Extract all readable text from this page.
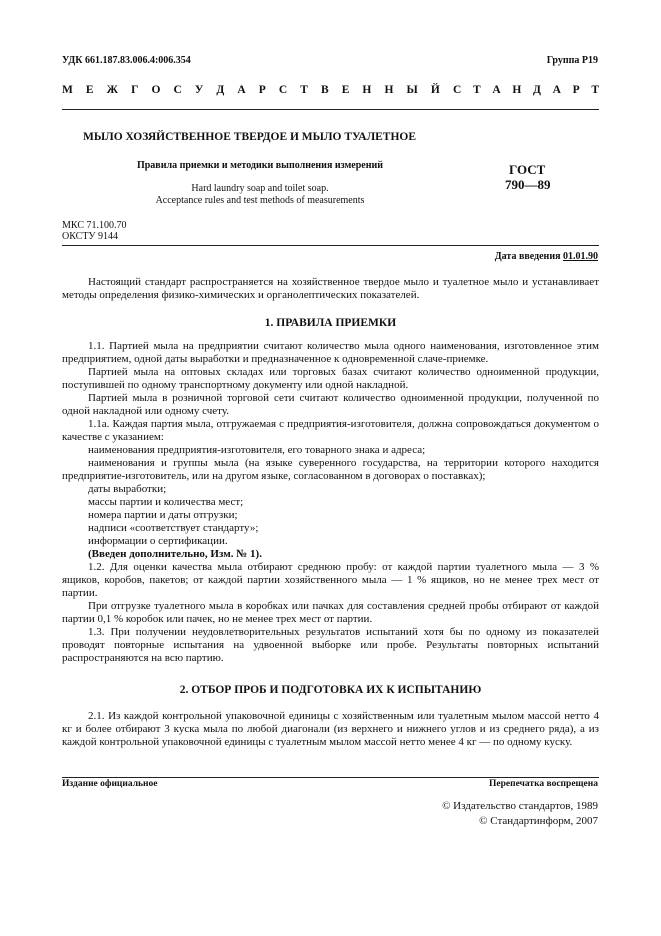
УДК 661.187.83.006.4:006.354	Группа Р19
М Е Ж Г О С У Д А Р С Т В Е Н Н Ы Й С Т А Н Д А Р Т
МЫЛО ХОЗЯЙСТВЕННОЕ ТВЕРДОЕ И МЫЛО ТУАЛЕТНОЕ
Правила приемки и методики выполнения измерений
Hard laundry soap and toilet soap.
Acceptance rules and test methods of measurements
ГОСТ
790—89
МКС 71.100.70
ОКСТУ 9144
Дата введения 01.01.90

Настоящий стандарт распространяется на хозяйственное твердое мыло и туалетное мыло и устанавливает методы определения физико-химических и органолептических показателей.

1. ПРАВИЛА ПРИЕМКИ

1.1. Партией мыла на предприятии считают количество мыла одного наименования, изготовленное этим предприятием, одной даты выработки и предназначенное к одновременной слаче-приемке.

Партией мыла на оптовых складах или торговых базах считают количество одноименной продукции, поступившей по одному транспортному документу или одной накладной.

Партией мыла в розничной торговой сети считают количество одноименной продукции, полученной по одной накладной или одному счету.

1.1а. Каждая партия мыла, отгружаемая с предприятия-изготовителя, должна сопровождаться документом о качестве с указанием:

наименования предприятия-изготовителя, его товарного знака и адреса;

наименования и группы мыла (на языке суверенного государства, на территории которого находится предприятие-изготовитель, или на другом языке, согласованном в договорах о поставках);

даты выработки;

массы партии и количества мест;

номера партии и даты отгрузки;

надписи «соответствует стандарту»;

информации о сертификации.

(Введен дополнительно, Изм. № 1).

1.2. Для оценки качества мыла отбирают среднюю пробу: от каждой партии туалетного мыла — 3 % ящиков, коробов, пакетов; от каждой партии хозяйственного мыла — 1 % ящиков, но не менее трех мест от партии.

При отгрузке туалетного мыла в коробках или пачках для составления средней пробы отбирают от каждой партии 0,1 % коробок или пачек, но не менее трех мест от партии.

1.3. При получении неудовлетворительных результатов испытаний хотя бы по одному из показателей проводят повторные испытания на удвоенной выборке или пробе. Результаты повторных испытаний распространяются на всю партию.

2. ОТБОР ПРОБ И ПОДГОТОВКА ИХ К ИСПЫТАНИЮ

2.1. Из каждой контрольной упаковочной единицы с хозяйственным или туалетным мылом массой нетто 4 кг и более отбирают 3 куска мыла по любой диагонали (из верхнего и нижнего углов и из среднего ряда), а из каждой контрольной упаковочной единицы с туалетным мылом массой нетто менее 4 кг — по одному куску.

Издание официальное	Перепечатка воспрещена
© Издательство стандартов, 1989
© Стандартинформ, 2007
